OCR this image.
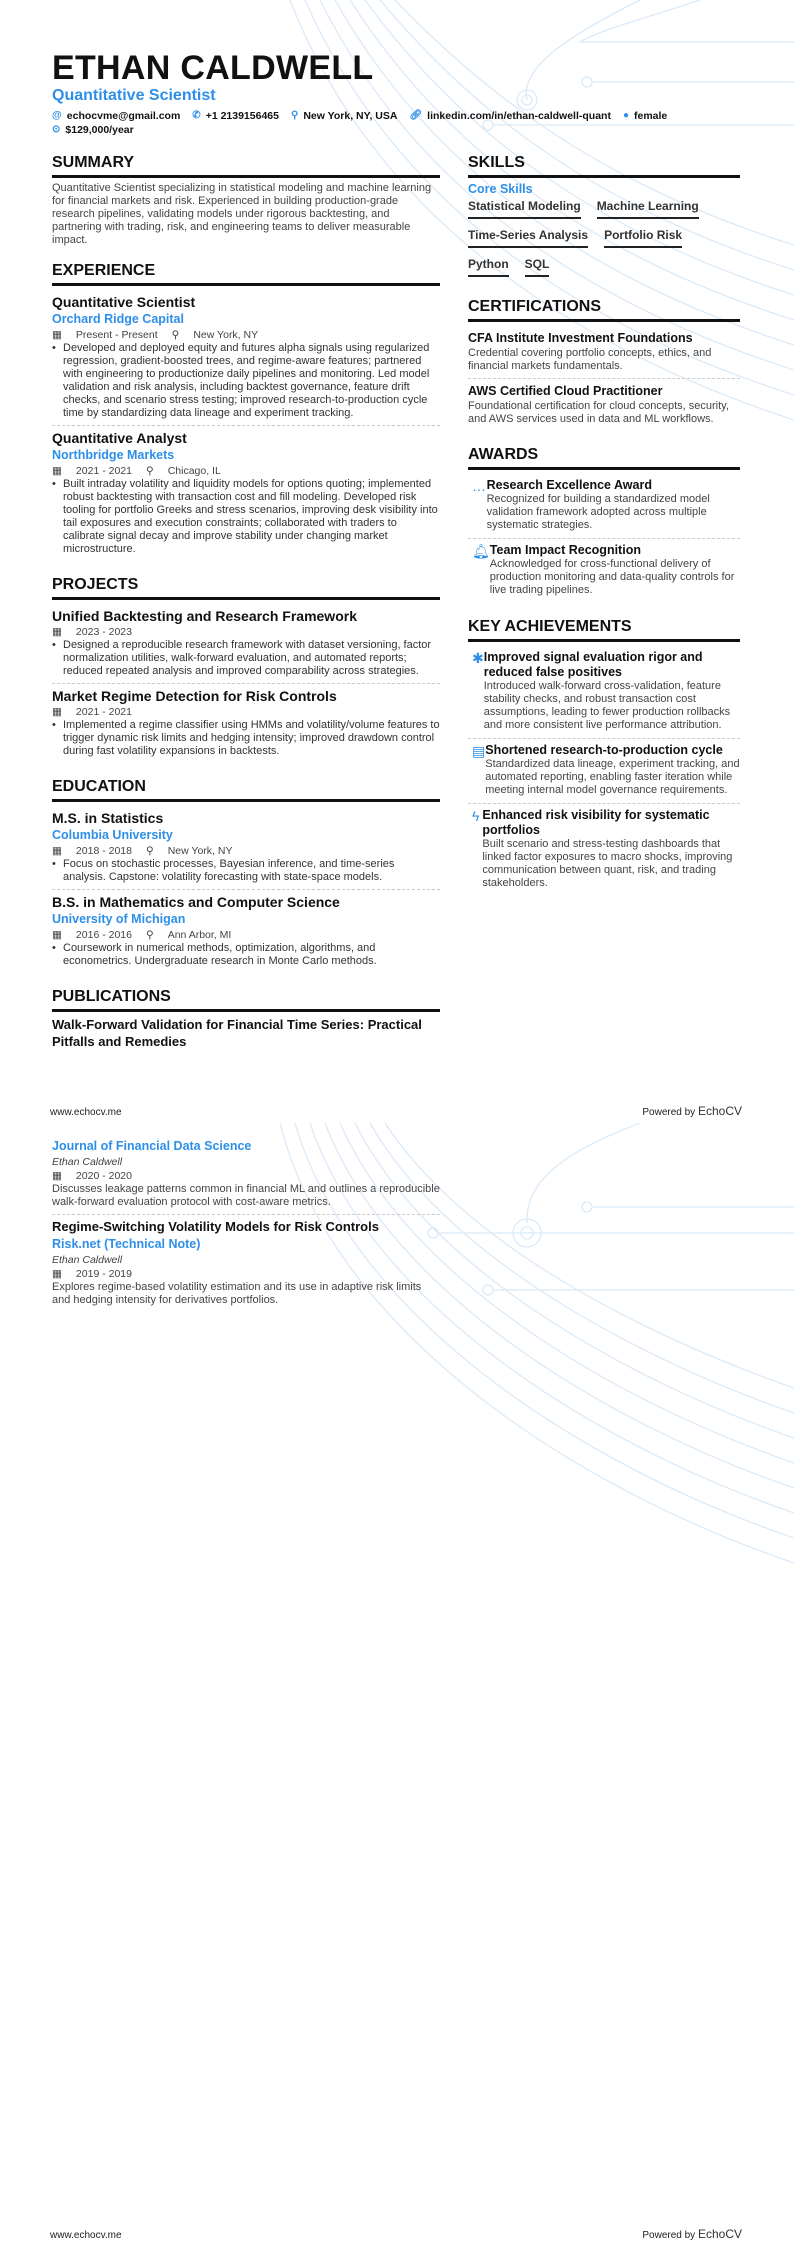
ETHAN CALDWELL
Quantitative Scientist
@ echocvme@gmail.com ✆ +1 2139156465 ⚲ New York, NY, USA 🔗︎ linkedin.com/in/ethan-caldwell-quant ● female
⊙ $129,000/year
SUMMARY

Quantitative Scientist specializing in statistical modeling and machine learning for financial markets and risk. Experienced in building production-grade research pipelines, validating models under rigorous backtesting, and partnering with trading, risk, and engineering teams to deliver measurable impact.

EXPERIENCE
Quantitative Scientist
Orchard Ridge Capital
▦ Present - Present ⚲ New York, NY
• Developed and deployed equity and futures alpha signals using regularized regression, gradient-boosted trees, and regime-aware features; partnered with engineering to productionize daily pipelines and monitoring. Led model validation and risk analysis, including backtest governance, feature drift checks, and scenario stress testing; improved research-to-production cycle time by standardizing data lineage and experiment tracking.
Quantitative Analyst
Northbridge Markets
▦ 2021 - 2021 ⚲ Chicago, IL
• Built intraday volatility and liquidity models for options quoting; implemented robust backtesting with transaction cost and fill modeling. Developed risk tooling for portfolio Greeks and stress scenarios, improving desk visibility into tail exposures and execution constraints; collaborated with traders to calibrate signal decay and improve stability under changing market microstructure.
PROJECTS
Unified Backtesting and Research Framework
▦ 2023 - 2023
• Designed a reproducible research framework with dataset versioning, factor normalization utilities, walk-forward evaluation, and automated reports; reduced repeated analysis and improved comparability across strategies.
Market Regime Detection for Risk Controls
▦ 2021 - 2021
• Implemented a regime classifier using HMMs and volatility/volume features to trigger dynamic risk limits and hedging intensity; improved drawdown control during fast volatility expansions in backtests.
EDUCATION
M.S. in Statistics
Columbia University
▦ 2018 - 2018 ⚲ New York, NY
• Focus on stochastic processes, Bayesian inference, and time-series analysis. Capstone: volatility forecasting with state-space models.
B.S. in Mathematics and Computer Science
University of Michigan
▦ 2016 - 2016 ⚲ Ann Arbor, MI
• Coursework in numerical methods, optimization, algorithms, and econometrics. Undergraduate research in Monte Carlo methods.
PUBLICATIONS
Walk-Forward Validation for Financial Time Series: Practical Pitfalls and Remedies
SKILLS
Core Skills
Statistical Modeling Machine Learning
Time-Series Analysis Portfolio Risk
Python SQL
CERTIFICATIONS
CFA Institute Investment Foundations

Credential covering portfolio concepts, ethics, and financial markets fundamentals.

AWS Certified Cloud Practitioner

Foundational certification for cloud concepts, security, and AWS services used in data and ML workflows.

AWARDS
… Research Excellence Award

Recognized for building a standardized model validation framework adopted across multiple systematic strategies.

🔔︎ Team Impact Recognition

Acknowledged for cross-functional delivery of production monitoring and data-quality controls for live trading pipelines.

KEY ACHIEVEMENTS
✱ Improved signal evaluation rigor and reduced false positives

Introduced walk-forward cross-validation, feature stability checks, and robust transaction cost assumptions, leading to fewer production rollbacks and more consistent live performance attribution.

▤ Shortened research-to-production cycle

Standardized data lineage, experiment tracking, and automated reporting, enabling faster iteration while meeting internal model governance requirements.

ϟ Enhanced risk visibility for systematic portfolios

Built scenario and stress-testing dashboards that linked factor exposures to macro shocks, improving communication between quant, risk, and trading stakeholders.

www.echocv.me	Powered by EchoCV
Journal of Financial Data Science
Ethan Caldwell
▦ 2020 - 2020

Discusses leakage patterns common in financial ML and outlines a reproducible walk-forward evaluation protocol with cost-aware metrics.

Regime-Switching Volatility Models for Risk Controls
Risk.net (Technical Note)
Ethan Caldwell
▦ 2019 - 2019

Explores regime-based volatility estimation and its use in adaptive risk limits and hedging intensity for derivatives portfolios.

www.echocv.me	Powered by EchoCV
